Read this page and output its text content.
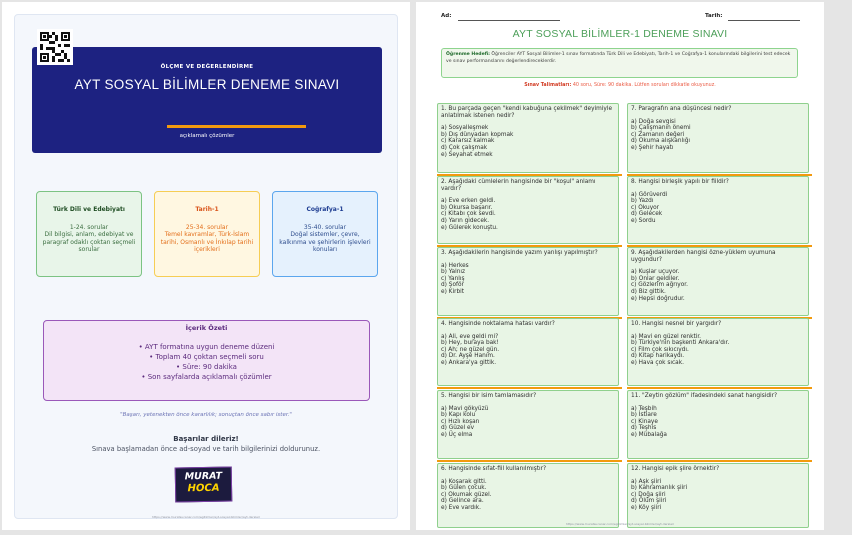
ÖLÇME VE DEĞERLENDİRME
AYT SOSYAL BİLİMLER DENEME SINAVI
açıklamalı çözümler
Türk Dili ve Edebiyatı
1-24. sorular
Dil bilgisi, anlam, edebiyat ve paragraf odaklı çoktan seçmeli sorular
Tarih-1
25-34. sorular
Temel kavramlar, Türk-İslam tarihi, Osmanlı ve İnkılap tarihi içerikleri
Coğrafya-1
35-40. sorular
Doğal sistemler, çevre, kalkınma ve şehirlerin işlevleri konuları
İçerik Özeti
• AYT formatına uygun deneme düzeni
• Toplam 40 çoktan seçmeli soru
• Süre: 90 dakika
• Son sayfalarda açıklamalı çözümler
"Başarı, yetenekten önce kararlılık; sonuçtan önce sabır ister."
Başarılar dileriz!
Sınava başlamadan önce ad-soyad ve tarih bilgilerinizi doldurunuz.
MURAT
HOCA
https://www.muratsucanar.com/egitimler/ayt-sosyal-bilimler/ayt-dersleri
Ad:	Tarih:
AYT SOSYAL BİLİMLER-1 DENEME SINAVI
Öğrenme Hedefi: Öğrenciler AYT Sosyal Bilimler-1 sınav formatında Türk Dili ve Edebiyatı, Tarih-1 ve Coğrafya-1 konularındaki bilgilerini test edecek ve sınav performanslarını değerlendireceklerdir.
Sınav Talimatları: 40 soru, Süre: 90 dakika. Lütfen soruları dikkatle okuyunuz.
1. Bu parçada geçen "kendi kabuğuna çekilmek" deyimiyle anlatılmak istenen nedir?
a) Sosyalleşmek
b) Dış dünyadan kopmak
c) Kararsız kalmak
d) Çok çalışmak
e) Seyahat etmek
2. Aşağıdaki cümlelerin hangisinde bir "koşul" anlamı vardır?
a) Eve erken geldi.
b) Okursa başarır.
c) Kitabı çok sevdi.
d) Yarın gidecek.
e) Gülerek konuştu.
3. Aşağıdakilerin hangisinde yazım yanlışı yapılmıştır?
a) Herkes
b) Yalnız
c) Yanlış
d) Şoför
e) Kirbit
4. Hangisinde noktalama hatası vardır?
a) Ali, eve geldi mi?
b) Hey, buraya bak!
c) Ah; ne güzel gün.
d) Dr. Ayşe Hanım.
e) Ankara'ya gittik.
5. Hangisi bir isim tamlamasıdır?
a) Mavi gökyüzü
b) Kapı kolu
c) Hızlı koşan
d) Güzel ev
e) Üç elma
6. Hangisinde sıfat-fiil kullanılmıştır?
a) Koşarak gitti.
b) Gülen çocuk.
c) Okumak güzel.
d) Gelince ara.
e) Eve vardık.
7. Paragrafın ana düşüncesi nedir?
a) Doğa sevgisi
b) Çalışmanın önemi
c) Zamanın değeri
d) Okuma alışkanlığı
e) Şehir hayatı
8. Hangisi birleşik yapılı bir fiildir?
a) Görüverdi
b) Yazdı
c) Okuyor
d) Gelecek
e) Sordu
9. Aşağıdakilerden hangisi özne-yüklem uyumuna uygundur?
a) Kuşlar uçuyor.
b) Onlar geldiler.
c) Gözlerim ağrıyor.
d) Biz gittik.
e) Hepsi doğrudur.
10. Hangisi nesnel bir yargıdır?
a) Mavi en güzel renktir.
b) Türkiye'nin başkenti Ankara'dır.
c) Film çok sıkıcıydı.
d) Kitap harikaydı.
e) Hava çok sıcak.
11. "Zeytin gözlüm" ifadesindeki sanat hangisidir?
a) Teşbih
b) İstiare
c) Kinaye
d) Teşhis
e) Mübalağa
12. Hangisi epik şiire örnektir?
a) Aşk şiiri
b) Kahramanlık şiiri
c) Doğa şiiri
d) Ölüm şiiri
e) Köy şiiri
https://www.muratsucanar.com/egitimler/ayt-sosyal-bilimler/ayt-dersleri
